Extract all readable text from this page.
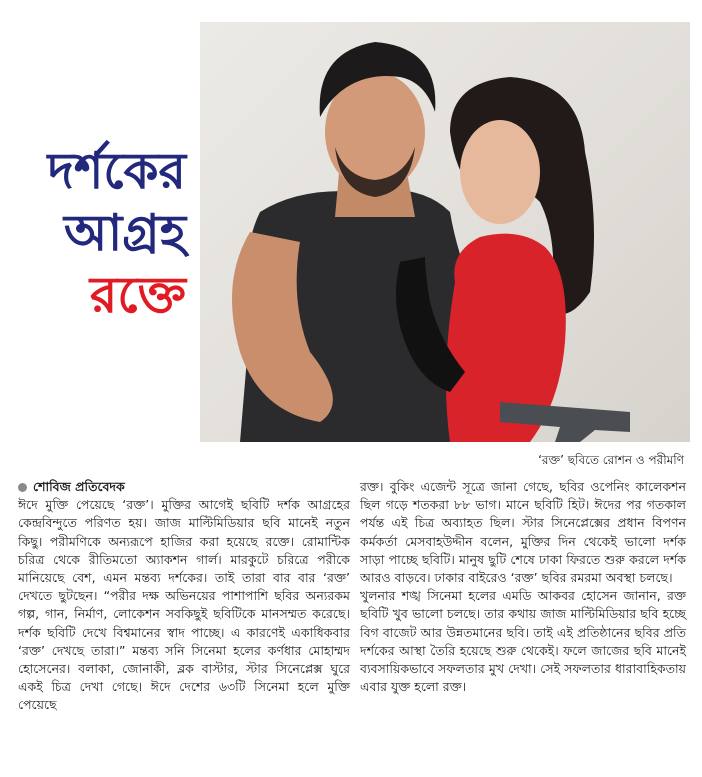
দর্শকের
আগ্রহ
রক্তে
‘রক্ত’ ছবিতে রোশন ও পরীমণি
শোবিজ প্রতিবেদক

ঈদে মুক্তি পেয়েছে ‘রক্ত’। মুক্তির আগেই ছবিটি দর্শক আগ্রহের কেন্দ্রবিন্দুতে পরিণত হয়। জাজ মাল্টিমিডিয়ার ছবি মানেই নতুন কিছু। পরীমণিকে অন্যরূপে হাজির করা হয়েছে রক্তে। রোমান্টিক চরিত্র থেকে রীতিমতো অ্যাকশন গার্ল। মারকুটে চরিত্রে পরীকে মানিয়েছে বেশ, এমন মন্তব্য দর্শকের। তাই তারা বার বার ‘রক্ত’ দেখতে ছুটছেন। “পরীর দক্ষ অভিনয়ের পাশাপাশি ছবির অন্যরকম গল্প, গান, নির্মাণ, লোকেশন সবকিছুই ছবিটিকে মানসম্মত করেছে। দর্শক ছবিটি দেখে বিশ্বমানের স্বাদ পাচ্ছে। এ কারণেই একাধিকবার ‘রক্ত’ দেখছে তারা।” মন্তব্য সনি সিনেমা হলের কর্ণধার মোহাম্মদ হোসেনের। বলাকা, জোনাকী, ব্লক বাস্টার, স্টার সিনেপ্লেক্স ঘুরে একই চিত্র দেখা গেছে। ঈদে দেশের ৬৩টি সিনেমা হলে মুক্তি পেয়েছে

রক্ত। বুকিং এজেন্ট সূত্রে জানা গেছে, ছবির ওপেনিং কালেকশন ছিল গড়ে শতকরা ৮৮ ভাগ। মানে ছবিটি হিট। ঈদের পর গতকাল পর্যন্ত এই চিত্র অব্যাহত ছিল। স্টার সিনেপ্লেক্সের প্রধান বিপণন কর্মকর্তা মেসবাহউদ্দীন বলেন, মুক্তির দিন থেকেই ভালো দর্শক সাড়া পাচ্ছে ছবিটি। মানুষ ছুটি শেষে ঢাকা ফিরতে শুরু করলে দর্শক আরও বাড়বে। ঢাকার বাইরেও ‘রক্ত’ ছবির রমরমা অবস্থা চলছে।

খুলনার শঙ্খ সিনেমা হলের এমডি আকবর হোসেন জানান, রক্ত ছবিটি খুব ভালো চলছে। তার কথায় জাজ মাল্টিমিডিয়ার ছবি হচ্ছে বিগ বাজেট আর উন্নতমানের ছবি। তাই এই প্রতিষ্ঠানের ছবির প্রতি দর্শকের আস্থা তৈরি হয়েছে শুরু থেকেই। ফলে জাজের ছবি মানেই ব্যবসায়িকভাবে সফলতার মুখ দেখা। সেই সফলতার ধারাবাহিকতায় এবার যুক্ত হলো রক্ত।
